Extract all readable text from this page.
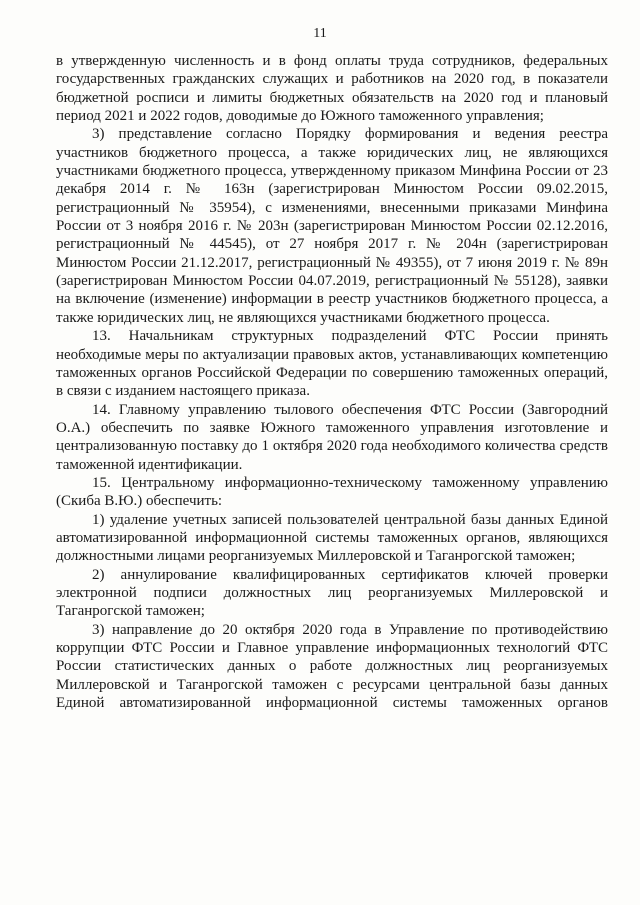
11

в утвержденную численность и в фонд оплаты труда сотрудников, федеральных государственных гражданских служащих и работников на 2020 год, в показатели бюджетной росписи и лимиты бюджетных обязательств на 2020 год и плановый период 2021 и 2022 годов, доводимые до Южного таможенного управления;

3) представление согласно Порядку формирования и ведения реестра участников бюджетного процесса, а также юридических лиц, не являющихся участниками бюджетного процесса, утвержденному приказом Минфина России от 23 декабря 2014 г. № 163н (зарегистрирован Минюстом России 09.02.2015, регистрационный № 35954), с изменениями, внесенными приказами Минфина России от 3 ноября 2016 г. № 203н (зарегистрирован Минюстом России 02.12.2016, регистрационный № 44545), от 27 ноября 2017 г. № 204н (зарегистрирован Минюстом России 21.12.2017, регистрационный № 49355), от 7 июня 2019 г. № 89н (зарегистрирован Минюстом России 04.07.2019, регистрационный № 55128), заявки на включение (изменение) информации в реестр участников бюджетного процесса, а также юридических лиц, не являющихся участниками бюджетного процесса.

13. Начальникам структурных подразделений ФТС России принять необходимые меры по актуализации правовых актов, устанавливающих компетенцию таможенных органов Российской Федерации по совершению таможенных операций, в связи с изданием настоящего приказа.

14. Главному управлению тылового обеспечения ФТС России (Завгородний О.А.) обеспечить по заявке Южного таможенного управления изготовление и централизованную поставку до 1 октября 2020 года необходимого количества средств таможенной идентификации.

15. Центральному информационно-техническому таможенному управлению (Скиба В.Ю.) обеспечить:

1) удаление учетных записей пользователей центральной базы данных Единой автоматизированной информационной системы таможенных органов, являющихся должностными лицами реорганизуемых Миллеровской и Таганрогской таможен;

2) аннулирование квалифицированных сертификатов ключей проверки электронной подписи должностных лиц реорганизуемых Миллеровской и Таганрогской таможен;

3) направление до 20 октября 2020 года в Управление по противодействию коррупции ФТС России и Главное управление информационных технологий ФТС России статистических данных о работе должностных лиц реорганизуемых Миллеровской и Таганрогской таможен с ресурсами центральной базы данных Единой автоматизированной информационной системы таможенных органов
